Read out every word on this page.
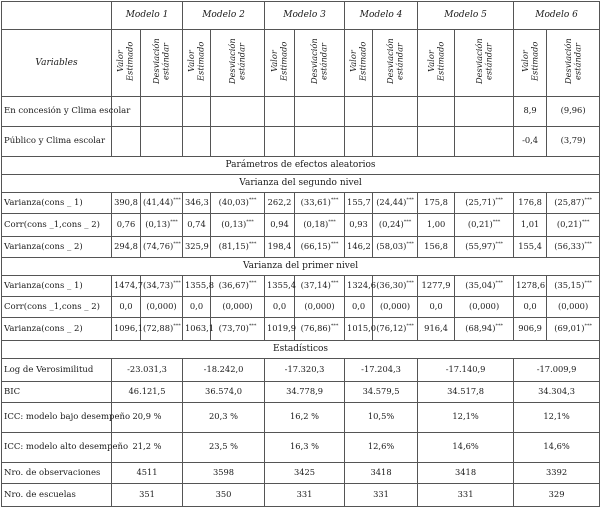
	Modelo 1		Modelo 2		Modelo 3		Modelo 4		Modelo 5		Modelo 6	
Variables	Valor Estimado	Desviación estándar	Valor Estimado	Desviación estándar	Valor Estimado	Desviación estándar	Valor Estimado	Desviación estándar	Valor Estimado	Desviación estándar	Valor Estimado	Desviación estándar
En concesión y Clima escolar											8,9	(9,96)
Público y Clima escolar											-0,4	(3,79)
Parámetros de efectos aleatorios												
Varianza del segundo nivel												
Varianza(cons _ 1)	390,8	(41,44)***	346,3	(40,03)***	262,2	(33,61)***	155,7	(24,44)***	175,8	(25,71)***	176,8	(25,87)***
Corr(cons _1,cons _ 2)	0,76	(0,13)***	0,74	(0,13)***	0,94	(0,18)***	0,93	(0,24)***	1,00	(0,21)***	1,01	(0,21)***
Varianza(cons _ 2)	294,8	(74,76)***	325,9	(81,15)***	198,4	(66,15)***	146,2	(58,03)***	156,8	(55,97)***	155,4	(56,33)***
Varianza del primer nivel												
Varianza(cons _ 1)	1474,7	(34,73)***	1355,8	(36,67)***	1355,4	(37,14)***	1324,6	(36,30)***	1277,9	(35,04)***	1278,6	(35,15)***
Corr(cons _1,cons _ 2)	0,0	(0,000)	0,0	(0,000)	0,0	(0,000)	0,0	(0,000)	0,0	(0,000)	0,0	(0,000)
Varianza(cons _ 2)	1096,1	(72,88)***	1063,1	(73,70)***	1019,9	(76,86)***	1015,0	(76,12)***	916,4	(68,94)***	906,9	(69,01)***
Estadísticos												
Log de Verosimilitud	-23.031,3		-18.242,0		-17.320,3		-17.204,3		-17.140,9		-17.009,9	
BIC	46.121,5		36.574,0		34.778,9		34.579,5		34.517,8		34.304,3	
ICC: modelo bajo desempeño	20,9 %		20,3 %		16,2 %		10,5%		12,1%		12,1%	
ICC: modelo alto desempeño	21,2 %		23,5 %		16,3 %		12,6%		14,6%		14,6%	
Nro. de observaciones	4511		3598		3425		3418		3418		3392	
Nro. de escuelas	351		350		331		331		331		329	
